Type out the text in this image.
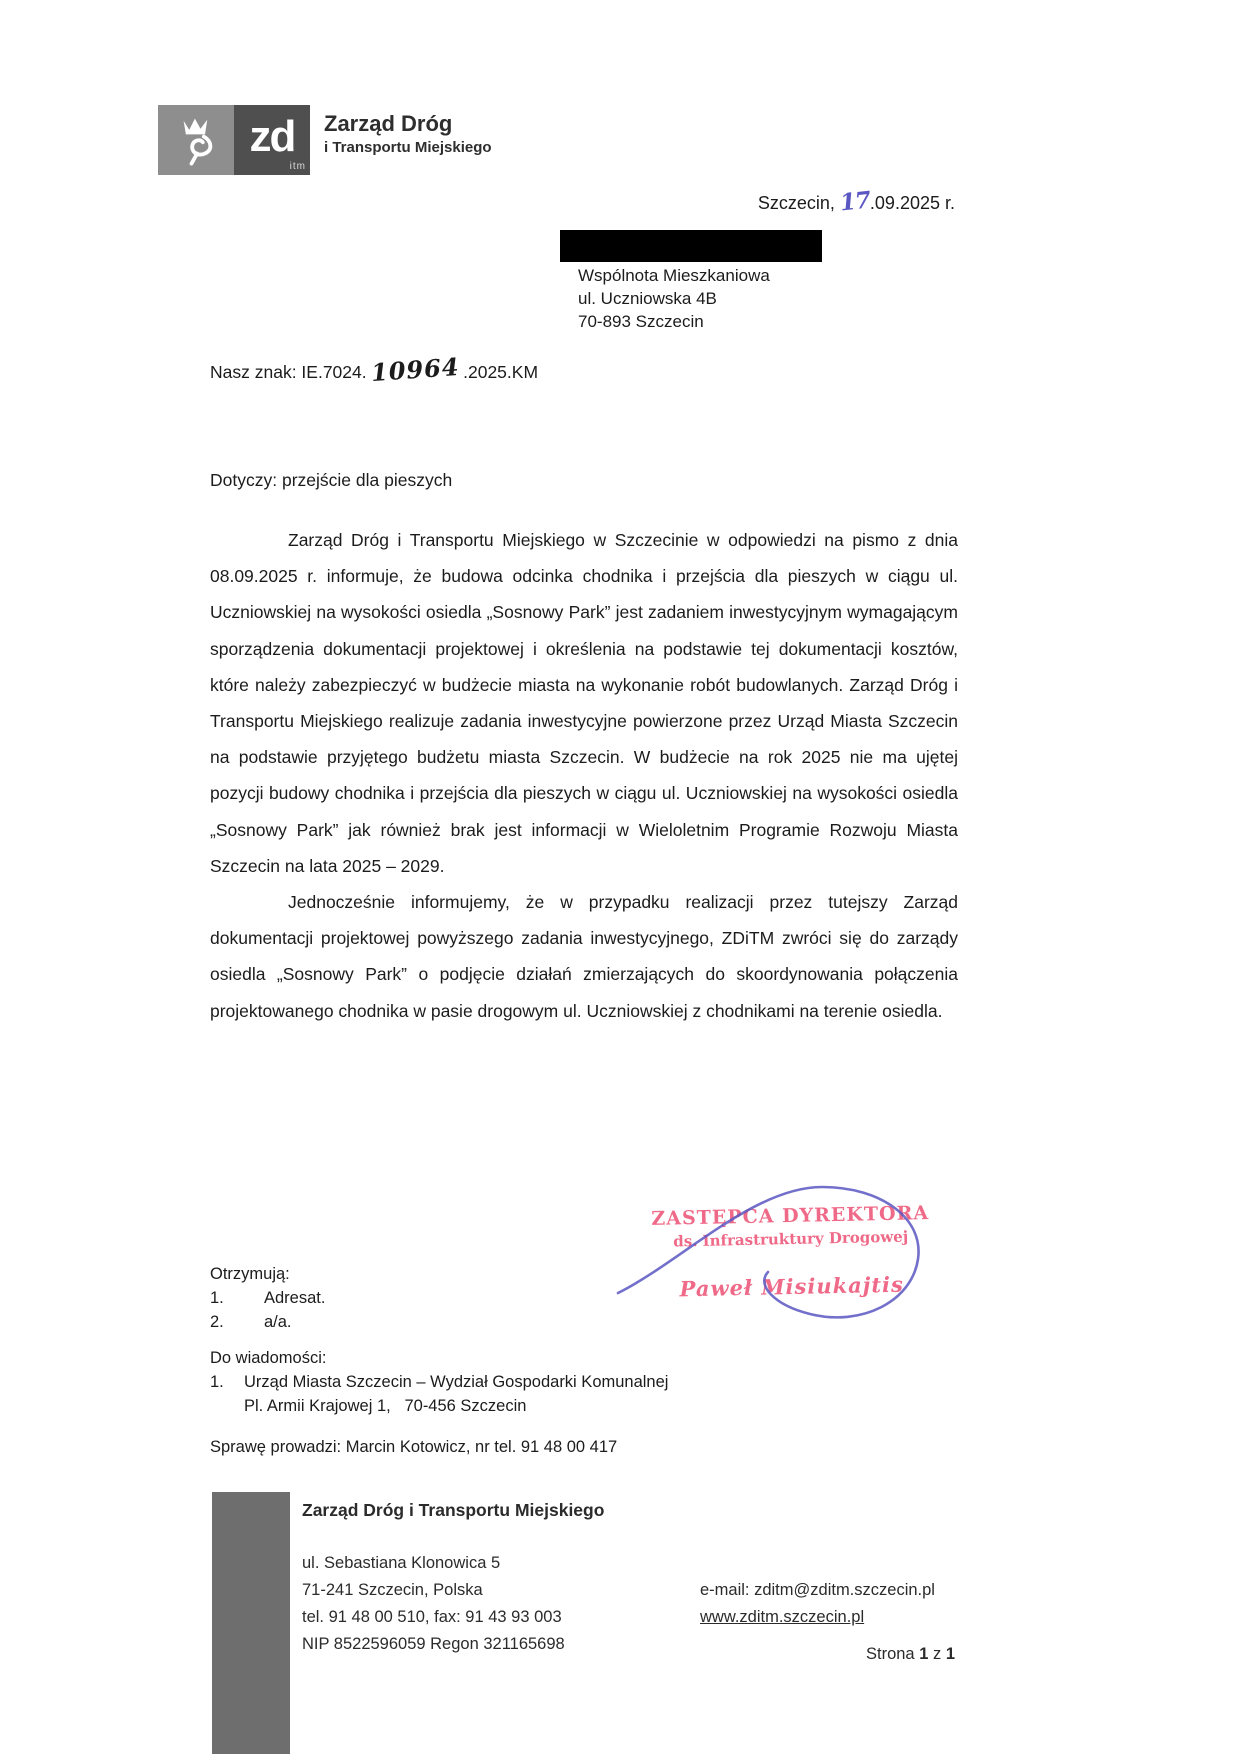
zd
itm
Zarząd Dróg
i Transportu Miejskiego
Szczecin, 17.09.2025 r.
Wspólnota Mieszkaniowa
ul. Uczniowska 4B
70-893 Szczecin
Nasz znak: IE.7024. 10964 .2025.KM
Dotyczy: przejście dla pieszych

Zarząd Dróg i Transportu Miejskiego w Szczecinie w odpowiedzi na pismo z dnia 08.09.2025 r. informuje, że budowa odcinka chodnika i przejścia dla pieszych w ciągu ul. Uczniowskiej na wysokości osiedla „Sosnowy Park” jest zadaniem inwestycyjnym wymagającym sporządzenia dokumentacji projektowej i określenia na podstawie tej dokumentacji kosztów, które należy zabezpieczyć w budżecie miasta na wykonanie robót budowlanych. Zarząd Dróg i Transportu Miejskiego realizuje zadania inwestycyjne powierzone przez Urząd Miasta Szczecin na podstawie przyjętego budżetu miasta Szczecin. W budżecie na rok 2025 nie ma ujętej pozycji budowy chodnika i przejścia dla pieszych w ciągu ul. Uczniowskiej na wysokości osiedla „Sosnowy Park” jak również brak jest informacji w Wieloletnim Programie Rozwoju Miasta Szczecin na lata 2025 – 2029.

Jednocześnie informujemy, że w przypadku realizacji przez tutejszy Zarząd dokumentacji projektowej powyższego zadania inwestycyjnego, ZDiTM zwróci się do zarządy osiedla „Sosnowy Park” o podjęcie działań zmierzających do skoordynowania połączenia projektowanego chodnika w pasie drogowym ul. Uczniowskiej z chodnikami na terenie osiedla.

ZASTĘPCA DYREKTORA
ds. Infrastruktury Drogowej
Paweł Misiukajtis
Otrzymują:
1.	Adresat.
2.	a/a.
Do wiadomości:
1.	Urząd Miasta Szczecin – Wydział Gospodarki Komunalnej
Pl. Armii Krajowej 1,   70-456 Szczecin
Sprawę prowadzi: Marcin Kotowicz, nr tel. 91 48 00 417
Zarząd Dróg i Transportu Miejskiego
ul. Sebastiana Klonowica 5
71-241 Szczecin, Polska
tel. 91 48 00 510, fax: 91 43 93 003
NIP 8522596059 Regon 321165698
e-mail: zditm@zditm.szczecin.pl
www.zditm.szczecin.pl
Strona 1 z 1
